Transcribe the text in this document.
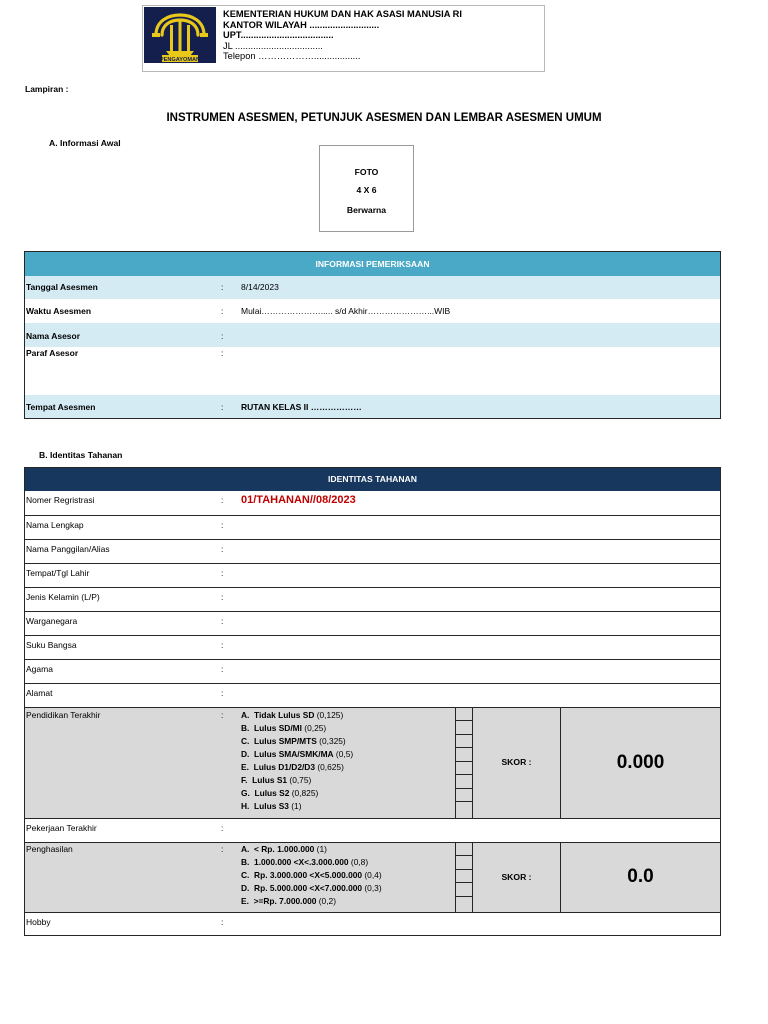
PENGAYOMAN
KEMENTERIAN HUKUM DAN HAK ASASI MANUSIA RI
KANTOR WILAYAH ...........................
UPT....................................
JL ..................................
Telepon ………………..................
Lampiran :
INSTRUMEN ASESMEN, PETUNJUK ASESMEN DAN LEMBAR ASESMEN UMUM
A. Informasi Awal
FOTO
4 X 6
Berwarna
INFORMASI PEMERIKSAAN
Tanggal Asesmen	: 8/14/2023
Waktu Asesmen	: Mulai…………………..... s/d Akhir…………………...WIB
Nama Asesor	:
Paraf Asesor	:
Tempat Asesmen	: RUTAN KELAS II ………………
B. Identitas Tahanan
IDENTITAS TAHANAN
Nomer Regristrasi	: 01/TAHANAN//08/2023
Nama Lengkap	:
Nama Panggilan/Alias	:
Tempat/Tgl Lahir	:
Jenis Kelamin (L/P)	:
Warganegara	:
Suku Bangsa	:
Agama	:
Alamat	:
Pendidikan Terakhir	: A. Tidak Lulus SD (0,125)
B. Lulus SD/MI (0,25)
C. Lulus SMP/MTS (0,325)
D. Lulus SMA/SMK/MA (0,5)
E. Lulus D1/D2/D3 (0,625)
F. Lulus S1 (0,75)
G. Lulus S2 (0,825)
H. Lulus S3 (1)
SKOR :	0.000
Pekerjaan Terakhir	:
Penghasilan	: A. < Rp. 1.000.000 (1)
B. 1.000.000 <X<.3.000.000 (0,8)
C. Rp. 3.000.000 <X<5.000.000 (0,4)
D. Rp. 5.000.000 <X<7.000.000 (0,3)
E. >=Rp. 7.000.000 (0,2)
SKOR :	0.0
Hobby	:
